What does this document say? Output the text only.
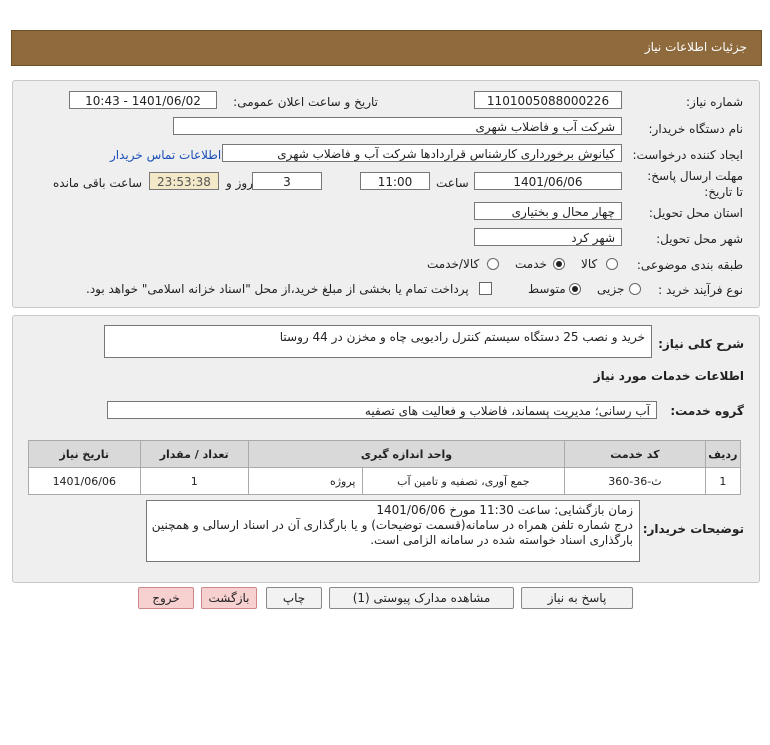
جزئیات اطلاعات نیاز
شماره نیاز:
1101005088000226
تاریخ و ساعت اعلان عمومی:
1401/06/02 - 10:43
نام دستگاه خریدار:
شرکت آب و فاضلاب شهری
ایجاد کننده درخواست:
کیانوش برخورداری کارشناس قراردادها شرکت آب و فاضلاب شهری
اطلاعات تماس خریدار
مهلت ارسال پاسخ: تا تاریخ:
1401/06/06
ساعت
11:00
3
روز و
23:53:38
ساعت باقی مانده
استان محل تحویل:
چهار محال و بختیاری
شهر محل تحویل:
شهر کرد
طبقه بندی موضوعی:
کالا
خدمت
کالا/خدمت
نوع فرآیند خرید :
جزیی
متوسط
پرداخت تمام یا بخشی از مبلغ خرید،از محل "اسناد خزانه اسلامی" خواهد بود.
شرح کلی نیاز:
خرید و نصب 25 دستگاه سیستم کنترل رادیویی چاه و مخزن در 44 روستا
اطلاعات خدمات مورد نیاز
گروه خدمت:
آب رسانی؛ مدیریت پسماند، فاضلاب و فعالیت های تصفیه
ردیف	کد خدمت	واحد اندازه گیری		تعداد / مقدار	تاریخ نیاز
1	ث-36-360	جمع آوری، تصفیه و تامین آب	پروژه	1	1401/06/06
توضیحات خریدار:
زمان بازگشایی: ساعت 11:30 مورخ 1401/06/06
درج شماره تلفن همراه در سامانه(قسمت توضیحات) و یا بارگذاری آن در اسناد ارسالی و همچنین
بارگذاری اسناد خواسته شده در سامانه الزامی است.
پاسخ به نیاز
مشاهده مدارک پیوستی (1)
چاپ
بازگشت
خروج
